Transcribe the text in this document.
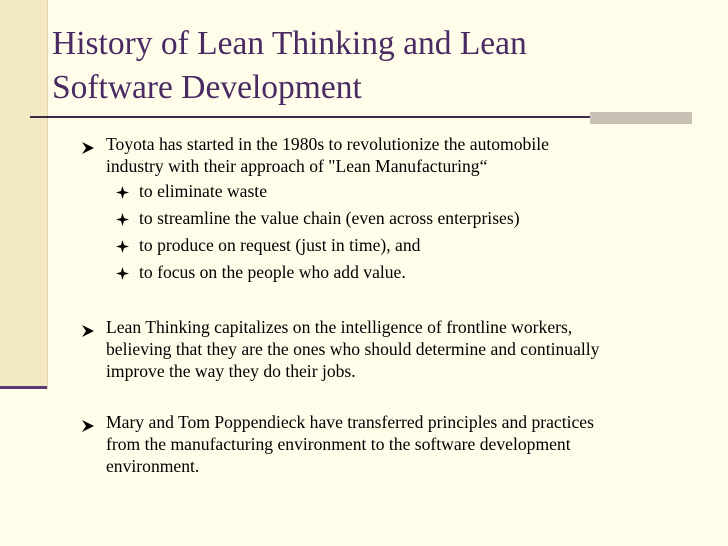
History of Lean Thinking and Lean
Software Development
Toyota has started in the 1980s to revolutionize the automobile
industry with their approach of "Lean Manufacturing“
to eliminate waste
to streamline the value chain (even across enterprises)
to produce on request (just in time), and
to focus on the people who add value.
Lean Thinking capitalizes on the intelligence of frontline workers,
believing that they are the ones who should determine and continually
improve the way they do their jobs.
Mary and Tom Poppendieck have transferred principles and practices
from the manufacturing environment to the software development
environment.
